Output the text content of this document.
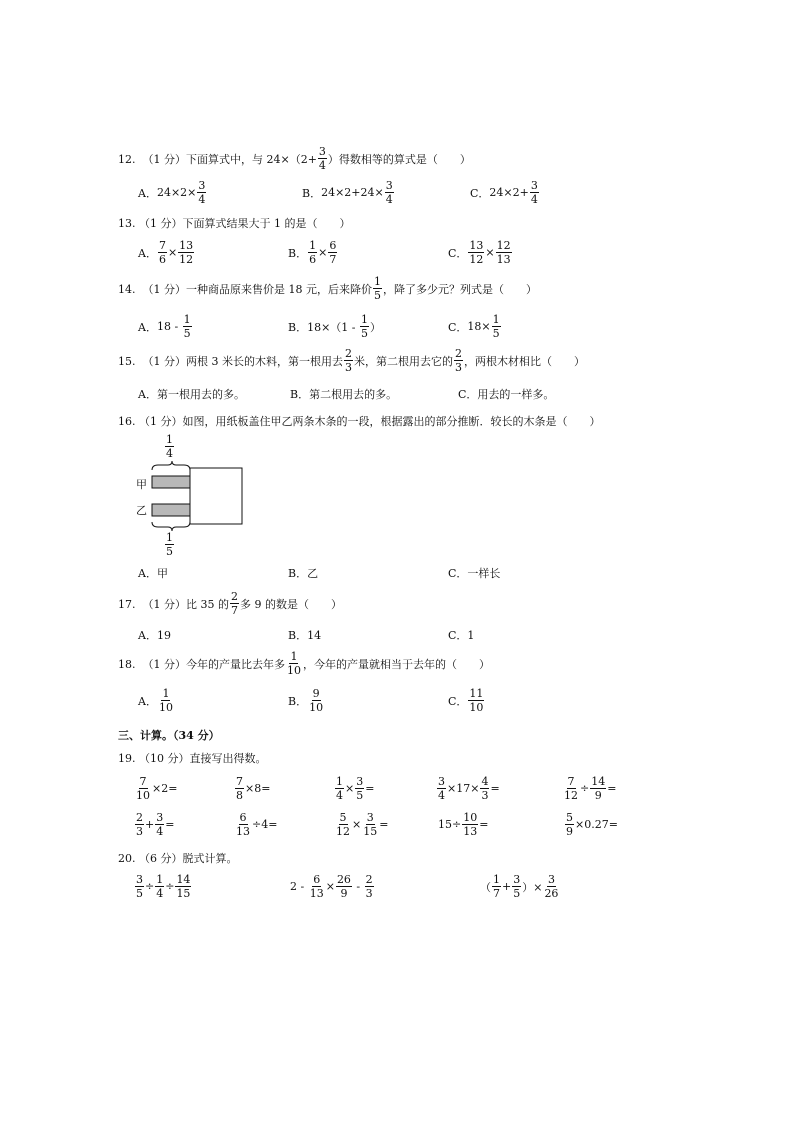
12.  （1 分）下面算式中，与 $24\times(2+ \frac{3}{4}$ ）得数相等的算式是（　　）
A． $24\times 2\times \frac{3}{4}$	B． $24\times 2+24\times \frac{3}{4}$	C． $24\times 2+ \frac{3}{4}$
13. （1 分）下面算式结果大于 1 的是（　　）
A． $\frac{7}{6} \times \frac{13}{12}$	B． $\frac{1}{6} \times \frac{6}{7}$	C． $\frac{13}{12} \times \frac{12}{13}$
14.  （1 分）一种商品原来售价是 18 元，后来降价 $\frac{1}{5}$ ，降了多少元？列式是（　　）
A． $18 - \frac{1}{5}$	B． $18\times(1 - \frac{1}{5}$ ）	C． $18\times \frac{1}{5}$
15.  （1 分）两根 3 米长的木料，第一根用去 $\frac{2}{3}$ 米，第二根用去它的 $\frac{2}{3}$ ，两根木材相比（　　）
A．第一根用去的多。	B．第二根用去的多。	C．用去的一样多。
16. （1 分）如图，用纸板盖住甲乙两条木条的一段，根据露出的部分推断．较长的木条是（　　）
$\frac{1}{4}$
甲
乙
$\frac{1}{5}$
A．甲	B．乙	C．一样长
17.  （1 分）比 35 的 $\frac{2}{7}$ 多 9 的数是（　　）
A．19	B．14	C．1
18.  （1 分）今年的产量比去年多 $\frac{1}{10}$ ，今年的产量就相当于去年的（　　）
A． $\frac{1}{10}$	B． $\frac{9}{10}$	C． $\frac{11}{10}$
三、计算。（34 分）
19. （10 分）直接写出得数。
$\frac{7}{10} \times 2=$	$\frac{7}{8} \times 8=$	$\frac{1}{4} \times \frac{3}{5}$ =	$\frac{3}{4} \times 17\times \frac{4}{3}$ =	$\frac{7}{12} \div \frac{14}{9}$ =
$\frac{2}{3} + \frac{3}{4}$ =	$\frac{6}{13} \div 4=$	$\frac{5}{12} \times \frac{3}{15}$ =	$15\div \frac{10}{13}$ =	$\frac{5}{9} \times 0.27=$
20. （6 分）脱式计算。
$\frac{3}{5} \div \frac{1}{4} \div \frac{14}{15}$	$2 - \frac{6}{13} \times \frac{26}{9} - \frac{2}{3}$	（ $\frac{1}{7} + \frac{3}{5}$ ）× $\frac{3}{26}$
